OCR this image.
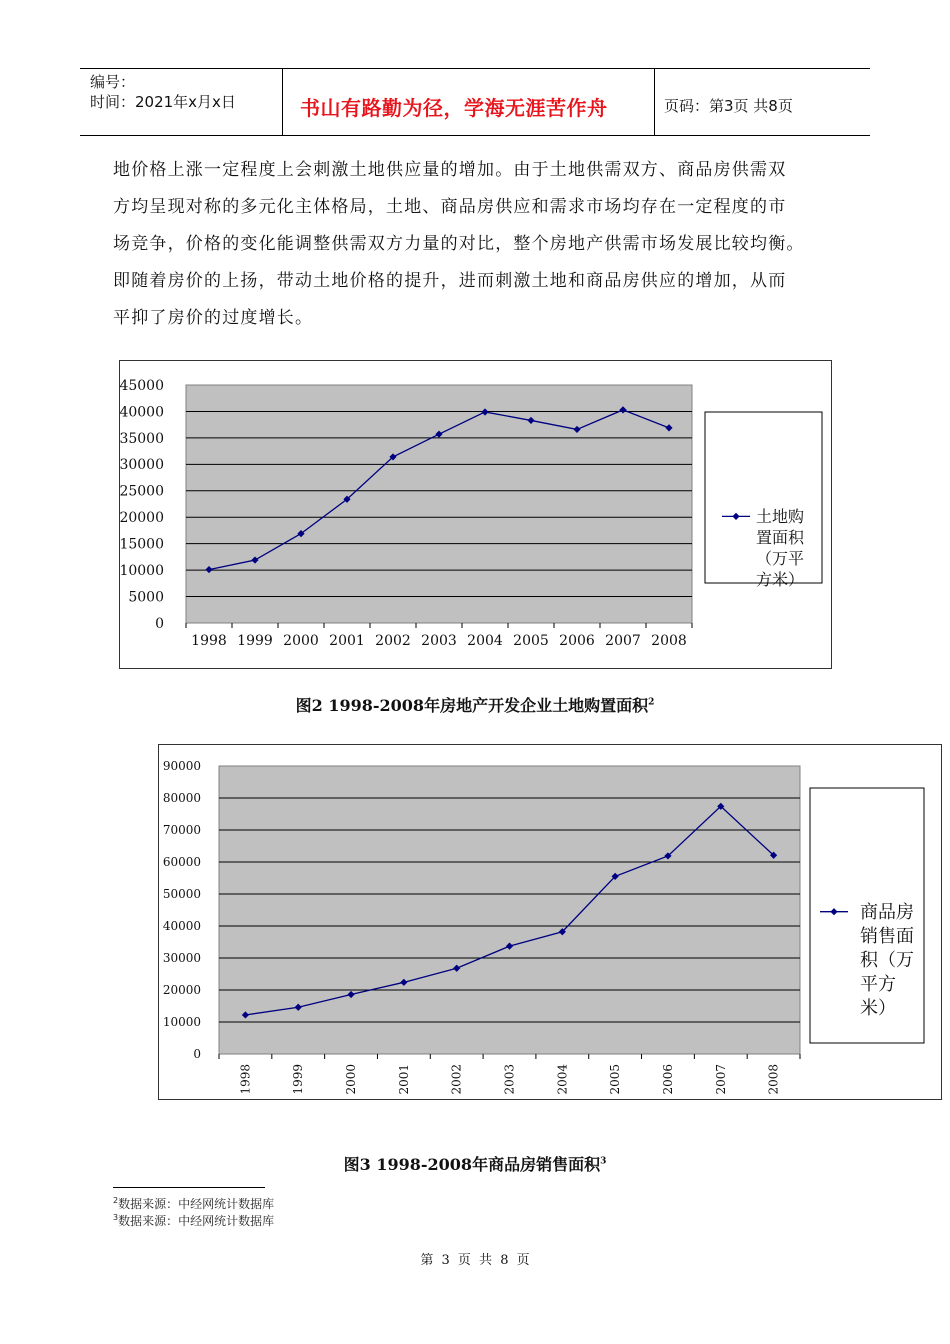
编号：
时间：2021年x月x日	书山有路勤为径，学海无涯苦作舟	页码：第3页 共8页
地价格上涨一定程度上会刺激土地供应量的增加。由于土地供需双方、商品房供需双
方均呈现对称的多元化主体格局，土地、商品房供应和需求市场均存在一定程度的市
场竞争，价格的变化能调整供需双方力量的对比，整个房地产供需市场发展比较均衡。
即随着房价的上扬，带动土地价格的提升，进而刺激土地和商品房供应的增加，从而
平抑了房价的过度增长。
0
5000
10000
15000
20000
25000
30000
35000
40000
45000
1998 1999 2000 2001 2002 2003 2004 2005 2006 2007 2008
土地购
置面积
（万平
方米）
图2 1998-2008年房地产开发企业土地购置面积$^2$
0
10000
20000
30000
40000
50000
60000
70000
80000
90000
1998	1999	2000	2001	2002	2003	2004	2005	2006	2007	2008
商品房
销售面
积（万
平方
米）
图3 1998-2008年商品房销售面积$^3$
$^2$数据来源：中经网统计数据库
$^3$数据来源：中经网统计数据库
第 3 页 共 8 页
